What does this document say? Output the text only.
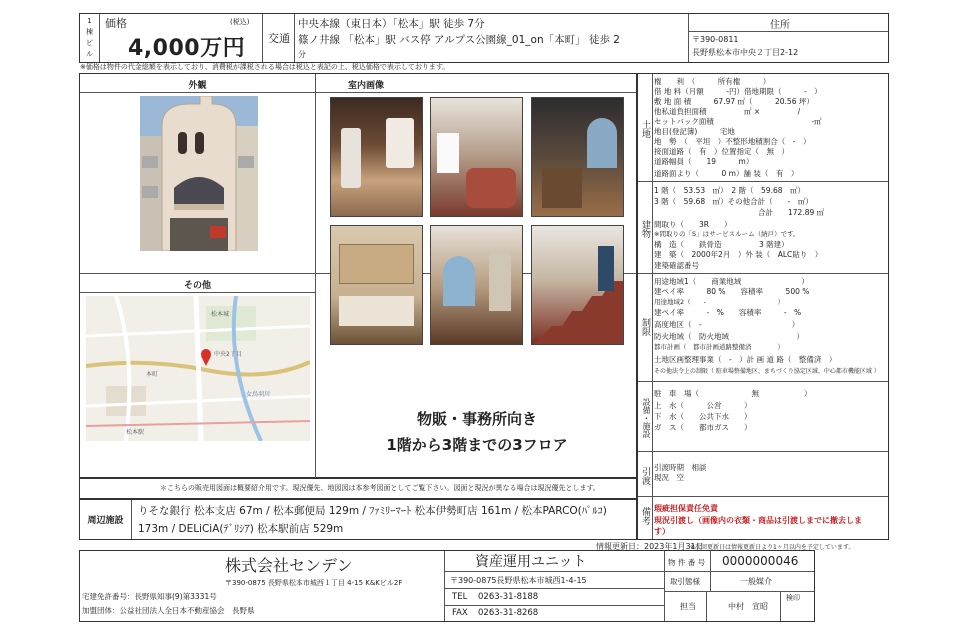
1
棟
ビ
ル
価格	(税込)
4,000万円 交通
中央本線（東日本）「松本」駅 徒歩 7分
篠ノ井線 「松本」駅 バス停 アルプス公園線_01_on「本町」 徒歩 2
分
住所
〒390-0811
長野県松本市中央２丁目2-12
※価格は物件の代金総額を表示しており、消費税が課税される場合は税込と表記の上、税込価格で表示しております。
外観	室内画像
その他
松本城
中央2丁目
本町
松本駅
女鳥羽川
物販・事務所向き
1階から3階までの3フロア
＊こちらの販売用図面は概要紹介用です。現況優先、地図図は本参考図面としてご覧下さい。図面と現況が異なる場合は現況優先とします。
周辺施設
りそな銀行 松本支店 67m / 松本郵便局 129m / ﾌｧﾐﾘｰﾏｰﾄ 松本伊勢町店 161m / 松本PARCO(ﾊﾟﾙｺ)
173m / DELiCiA(ﾃﾞﾘｼｱ) 松本駅前店 529m
土地
権　　利　（　　　所有権　　　）
借 地 料（月額　　　-円）借地期限（　　　-　）
敷 地 面 積　　　67.97 ㎡（　　　20.56 坪）
他私道負担面積　　　　　㎡ ×　　　　　/
セットバック面積　　　　　　　　　　　　　-㎡
地目(登記簿)　　　宅地
地　勢　（　平坦　）不整形地積割合（　-　）
接面道路（　有　）位置指定（　無　）
道路幅員（　　19　　　m）
道路面より（　　　0 m）舗 装（　有　）
建物
1 階（　53.53　㎡）　2 階（　59.68　㎡）
3 階（　59.68　㎡）その他合計（　　-　㎡）
合計　　172.89 ㎡
間取り（　　3R　　）
※間取りの「S」はサービスルーム（納戸）です。
構　造（　　鉄骨造　　　　　3 階建）
建　築（　2000年2月　）外 装（　ALC貼り　）
建築確認番号
制限
用途地域1（　　商業地域　　　　　　　　）
建ペイ率　　　80 %　　容積率　　　500 %
用途地域2（　　-　　　　　　　　　　　）
建ペイ率　　　-　%　　容積率　　　-　%
高度地区（　-　　　　　　　　　　　　）
防火地域（　防火地域　　　　　　　　　）
都市計画（　都市計画道路整備済　　　　）
土地区画整理事業（　-　）計 画 道 路（　整備済　）
その他法令上の制限（ 駐車場整備地区、まちづくり協定区域、中心都市機能区域 ）
設備・施設
駐　車　場（　　　　　　　無　　　　　　）
上　水（　　　公営　　　）
下　水（　　公共下水　　）
ガ　ス（　　都市ガス　　）
引渡 引渡時期　相談
現況　空
備考 瑕疵担保責任免責
現況引渡し（画像内の衣類・商品は引渡しまでに撤去しま
す）
情報更新日：2023年1月31日
※次回更新日は情報更新日より1ヶ月以内を予定しています。
株式会社センデン
〒390-0875 長野県松本市城西１丁目 4-15 K&Kビル2F
宅建免許番号：長野県知事(9)第3331号
加盟団体：公益社団法人全日本不動産協会　長野県
資産運用ユニット
〒390-0875長野県松本市城西1-4-15
TEL 0263-31-8188
FAX 0263-31-8268
物 件 番 号 0000000046
取引態様	一般媒介
担当	中村　宣昭
検印
